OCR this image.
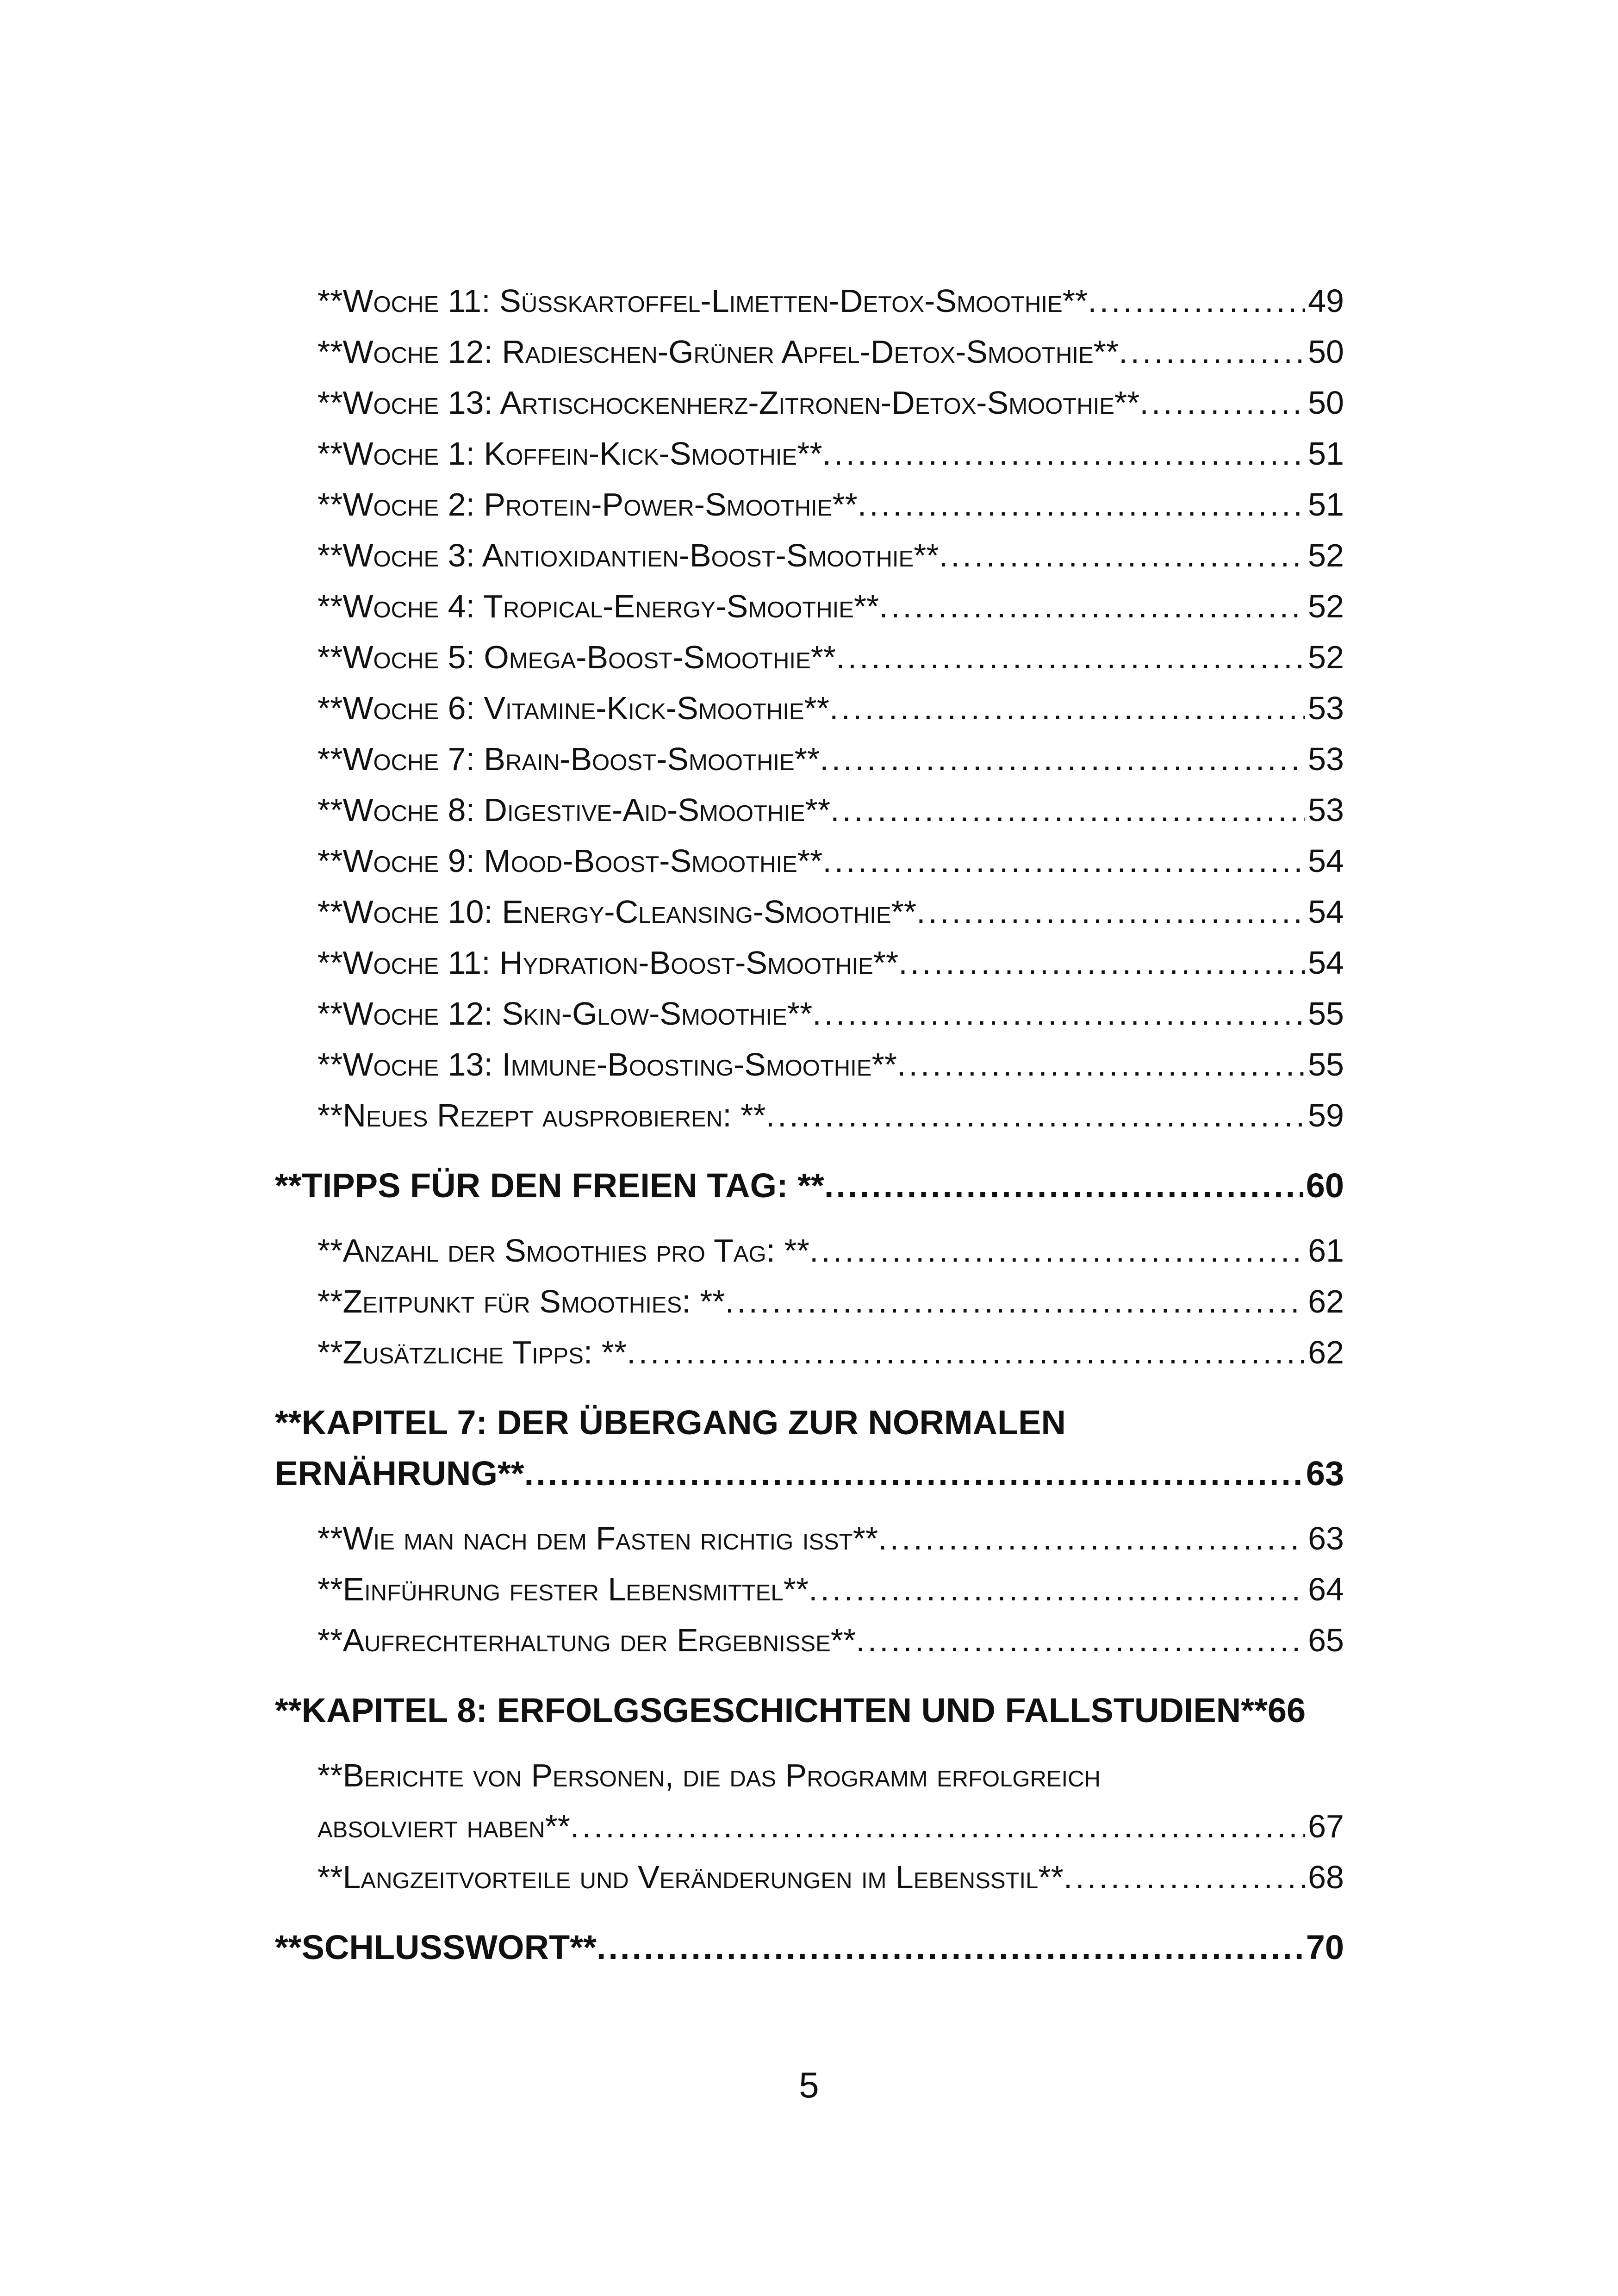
**Woche 11: Süßkartoffel-Limetten-Detox-Smoothie** .....	49
**Woche 12: Radieschen-Grüner Apfel-Detox-Smoothie** .....	50
**Woche 13: Artischockenherz-Zitronen-Detox-Smoothie** .....	50
**Woche 1: Koffein-Kick-Smoothie** .....	51
**Woche 2: Protein-Power-Smoothie** .....	51
**Woche 3: Antioxidantien-Boost-Smoothie** .....	52
**Woche 4: Tropical-Energy-Smoothie** .....	52
**Woche 5: Omega-Boost-Smoothie** .....	52
**Woche 6: Vitamine-Kick-Smoothie** .....	53
**Woche 7: Brain-Boost-Smoothie** .....	53
**Woche 8: Digestive-Aid-Smoothie** .....	53
**Woche 9: Mood-Boost-Smoothie** .....	54
**Woche 10: Energy-Cleansing-Smoothie** .....	54
**Woche 11: Hydration-Boost-Smoothie** .....	54
**Woche 12: Skin-Glow-Smoothie** .....	55
**Woche 13: Immune-Boosting-Smoothie** .....	55
**Neues Rezept ausprobieren: ** .....	59
**TIPPS FÜR DEN FREIEN TAG: ** .....	60
**Anzahl der Smoothies pro Tag: ** .....	61
**Zeitpunkt für Smoothies: ** .....	62
**Zusätzliche Tipps: ** .....	62
**KAPITEL 7: DER ÜBERGANG ZUR NORMALEN
ERNÄHRUNG** .....	63
**Wie man nach dem Fasten richtig isst** .....	63
**Einführung fester Lebensmittel** .....	64
**Aufrechterhaltung der Ergebnisse** .....	65
**KAPITEL 8: ERFOLGSGESCHICHTEN UND FALLSTUDIEN** 66
**Berichte von Personen, die das Programm erfolgreich
absolviert haben** .....	67
**Langzeitvorteile und Veränderungen im Lebensstil** .....	68
**SCHLUSSWORT** .....	70
5
